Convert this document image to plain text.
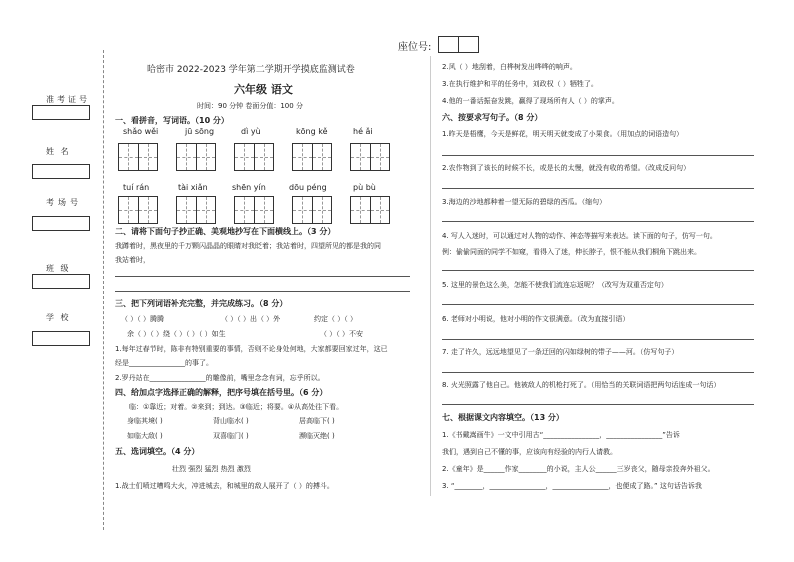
座位号:
准考证号
姓 名
考场号
班 级
学 校
哈密市 2022-2023 学年第二学期开学摸底监测试卷
六年级 语文
时间：90 分钟 卷面分值：100 分
一、看拼音，写词语。（10 分）
shǎo wěi	jū sōng	dì yù	kōng kě	hé ǎi
tuí rán	tài xiǎn	shēn yín	dōu péng	pù bù
二、请将下面句子抄正确、美观地抄写在下面横线上。（3 分）
我蹲着时，黑夜里的千万颗闪晶晶的眼睛对我眨着；我站着时，四望所见的都是我的同
我站着时，
三、把下列词语补充完整，并完成练习。（8 分）
（ ）（ ）腾腾	（ ）（ ）出（ ）外	约定（ ）（ ）
余（ ）（ ）绕（ ）（ ）（ ）如生	（ ）（ ）不安
1.每年过春节时，陈非有特别重要的事情，否则不论身处何地，大家都要回家过年，这已
经是________________的事了。
2.罗丹站在________________的雕像前，嘴里念念有词，忘乎所以。
四、给加点字选择正确的解释，把序号填在括号里。（6 分）
临：①靠近；对着。②来到；到达。③临近；将要。④从高处往下看。
身临其境( )	背山临水( )	居高临下( )
如临大敌( )	双喜临门( )	濒临灭绝( )
五、选词填空。（4 分）
壮烈 强烈 猛烈 热烈 激烈
1.战士们喷过嘈鸣大火，冲进城去，和城里的敌人展开了（ ）的搏斗。
2.风（ ）地刮着，白桦树发出哗哗的响声。
3.在执行维护和平的任务中，刘政权（ ）牺牲了。
4.他的一番话振奋发跳，赢得了现场所有人（ ）的掌声。
六、按要求写句子。（8 分）
1.昨天是梧鹰，今天是鲜花，明天明天就变成了小果食。（用加点的词语造句）
2.农作物到了该长的时候不长，或是长的太慢，就没有收的希望。（改成反问句）
3.海边的沙地都种着一望无际的碧绿的西瓜。（缩句）
4. 写人入迷时，可以通过对人物的动作、神态等描写来表达。读下面的句子，仿写一句。
例：偷偷同面的同学不如窥，看得入了迷，伸长脖子，恨不能从我们桐角下跳出来。
5. 这里的景色这么美，怎能不使我们流连忘返呢？（改写为双重否定句）
6. 老师对小明说，他对小明的作文很满意。（改为直接引语）
7. 走了许久，远远地望见了一条迂回的闪如绿树的带子——河。（仿写句子）
8. 火光照露了他自己。他被敌人的机枪打死了。（用恰当的关联词语把两句话连成一句话）
七、根据课文内容填空。（13 分）
1.《书戴嵩画牛》一文中引用古“________________，________________”告诉
我们，遇到自己不懂的事，应该向有经验的内行人请教。
2.《童年》是______作家________的小说，主人公______三岁丧父，随母亲投奔外祖父。
3. “________，________________，________________，也便成了路。” 这句话告诉我
